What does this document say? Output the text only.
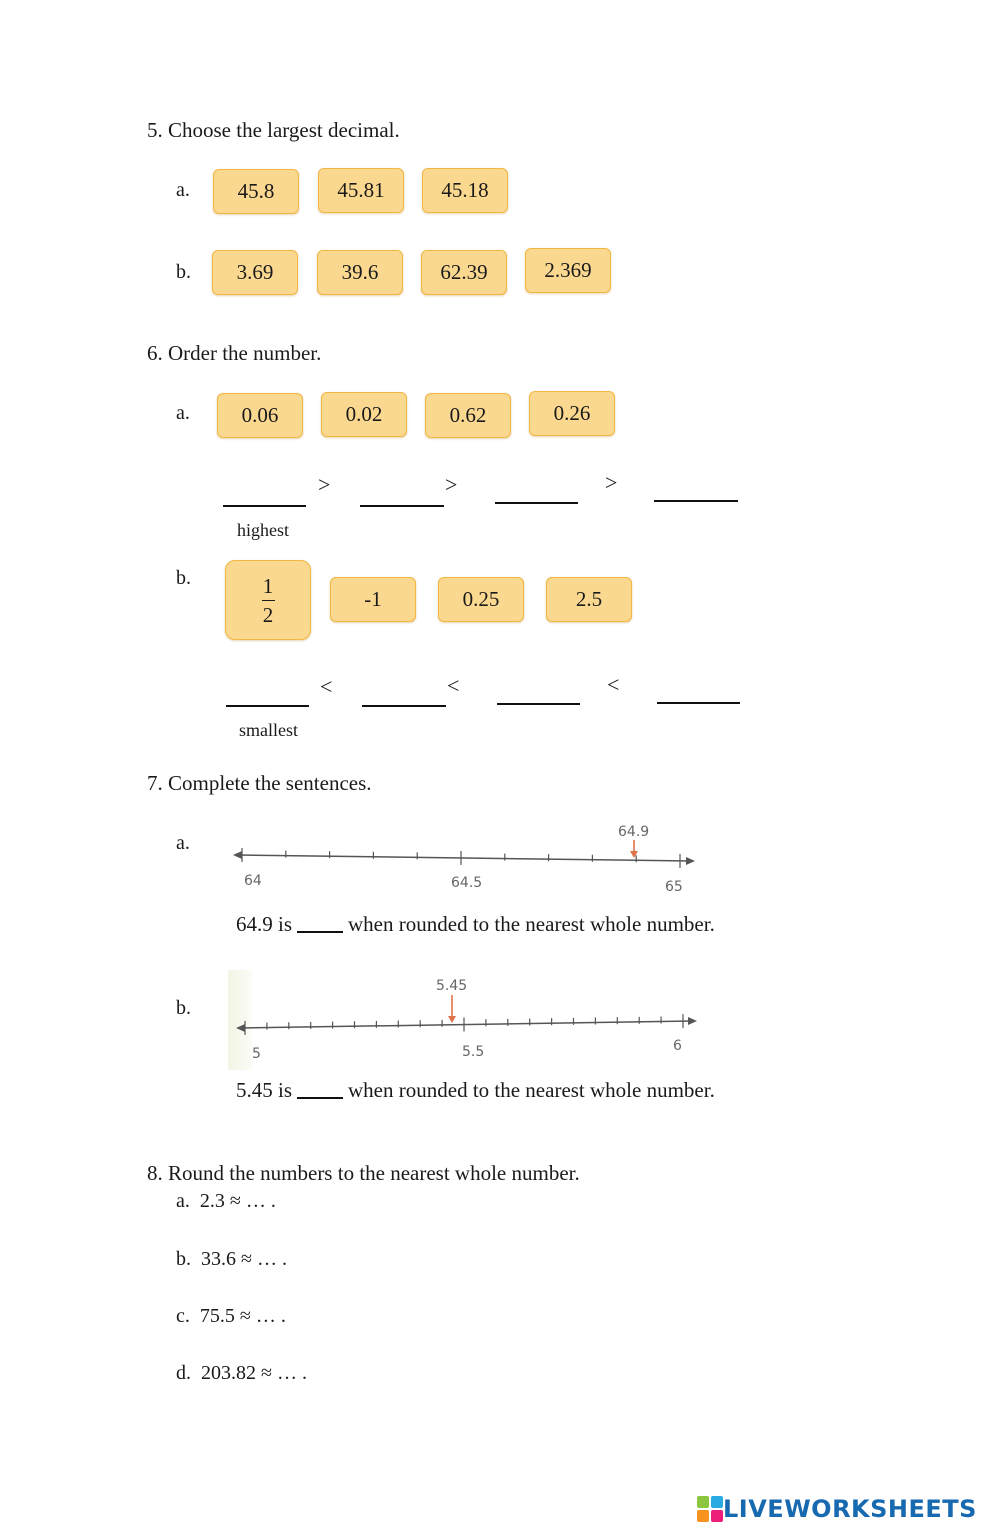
5. Choose the largest decimal.
a.	45.8	45.81	45.18
b.	3.69	39.6	62.39	2.369
6. Order the number.
a.	0.06	0.02	0.62	0.26
>	>	>
highest
b.	1
2
-1	0.25	2.5
<	<	<
smallest
7. Complete the sentences.
a.
64	64.5	65
64.9
64.9 is	when rounded to the nearest whole number.
b.
5	5.5	6
5.45
5.45 is	when rounded to the nearest whole number.
8. Round the numbers to the nearest whole number.
a. 2.3 ≈ … .
b. 33.6 ≈ … .
c. 75.5 ≈ … .
d. 203.82 ≈ … .
LIVEWORKSHEETS
